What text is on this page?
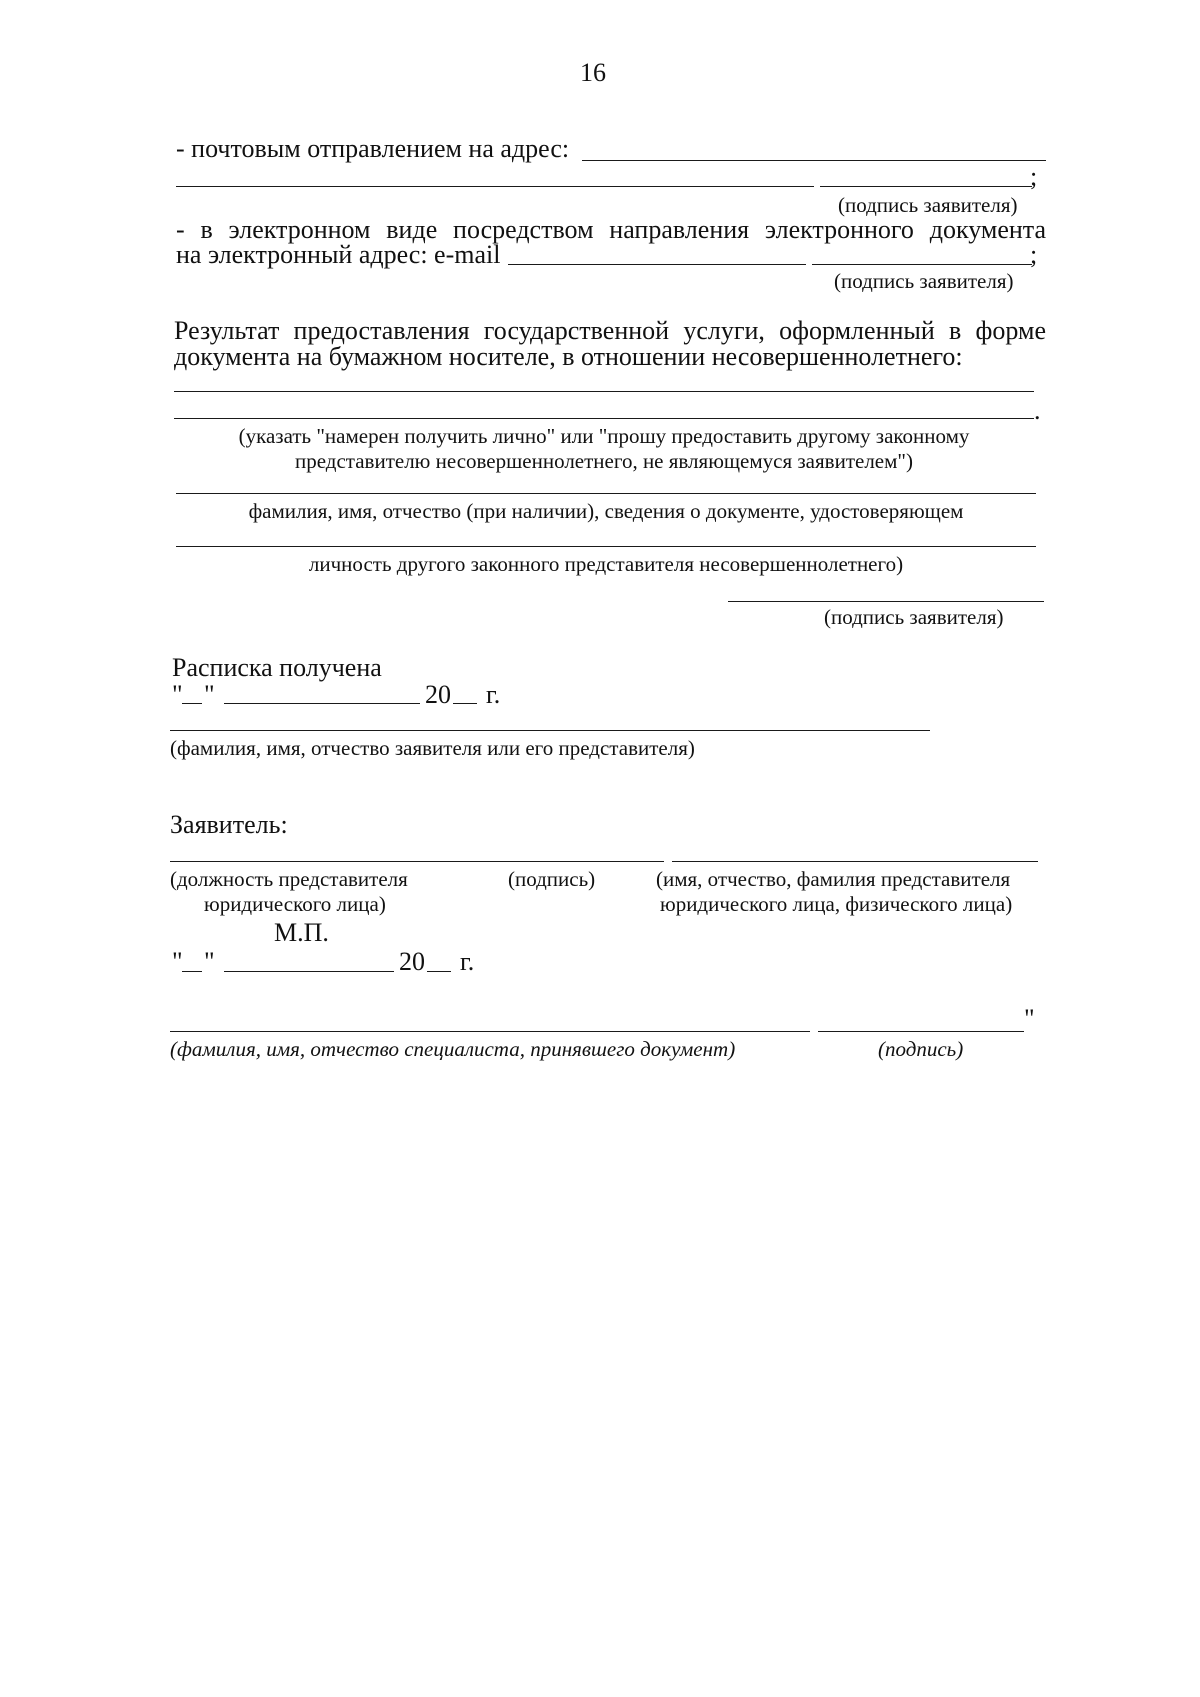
16
- почтовым отправлением на адрес:
;
(подпись заявителя)
- в электронном виде посредством направления электронного документа
на электронный адрес: e-mail	;
(подпись заявителя)
Результат предоставления государственной услуги, оформленный в форме
документа на бумажном носителе, в отношении несовершеннолетнего:
.
(указать "намерен получить лично" или "прошу предоставить другому законному
представителю несовершеннолетнего, не являющемуся заявителем")
фамилия, имя, отчество (при наличии), сведения о документе, удостоверяющем
личность другого законного представителя несовершеннолетнего)
(подпись заявителя)
Расписка получена
" "	20 г.
(фамилия, имя, отчество заявителя или его представителя)
Заявитель:
(должность представителя
юридического лица)
(подпись)	(имя, отчество, фамилия представителя
юридического лица, физического лица)
М.П.
" "	20 г.
"
(фамилия, имя, отчество специалиста, принявшего документ)	(подпись)
